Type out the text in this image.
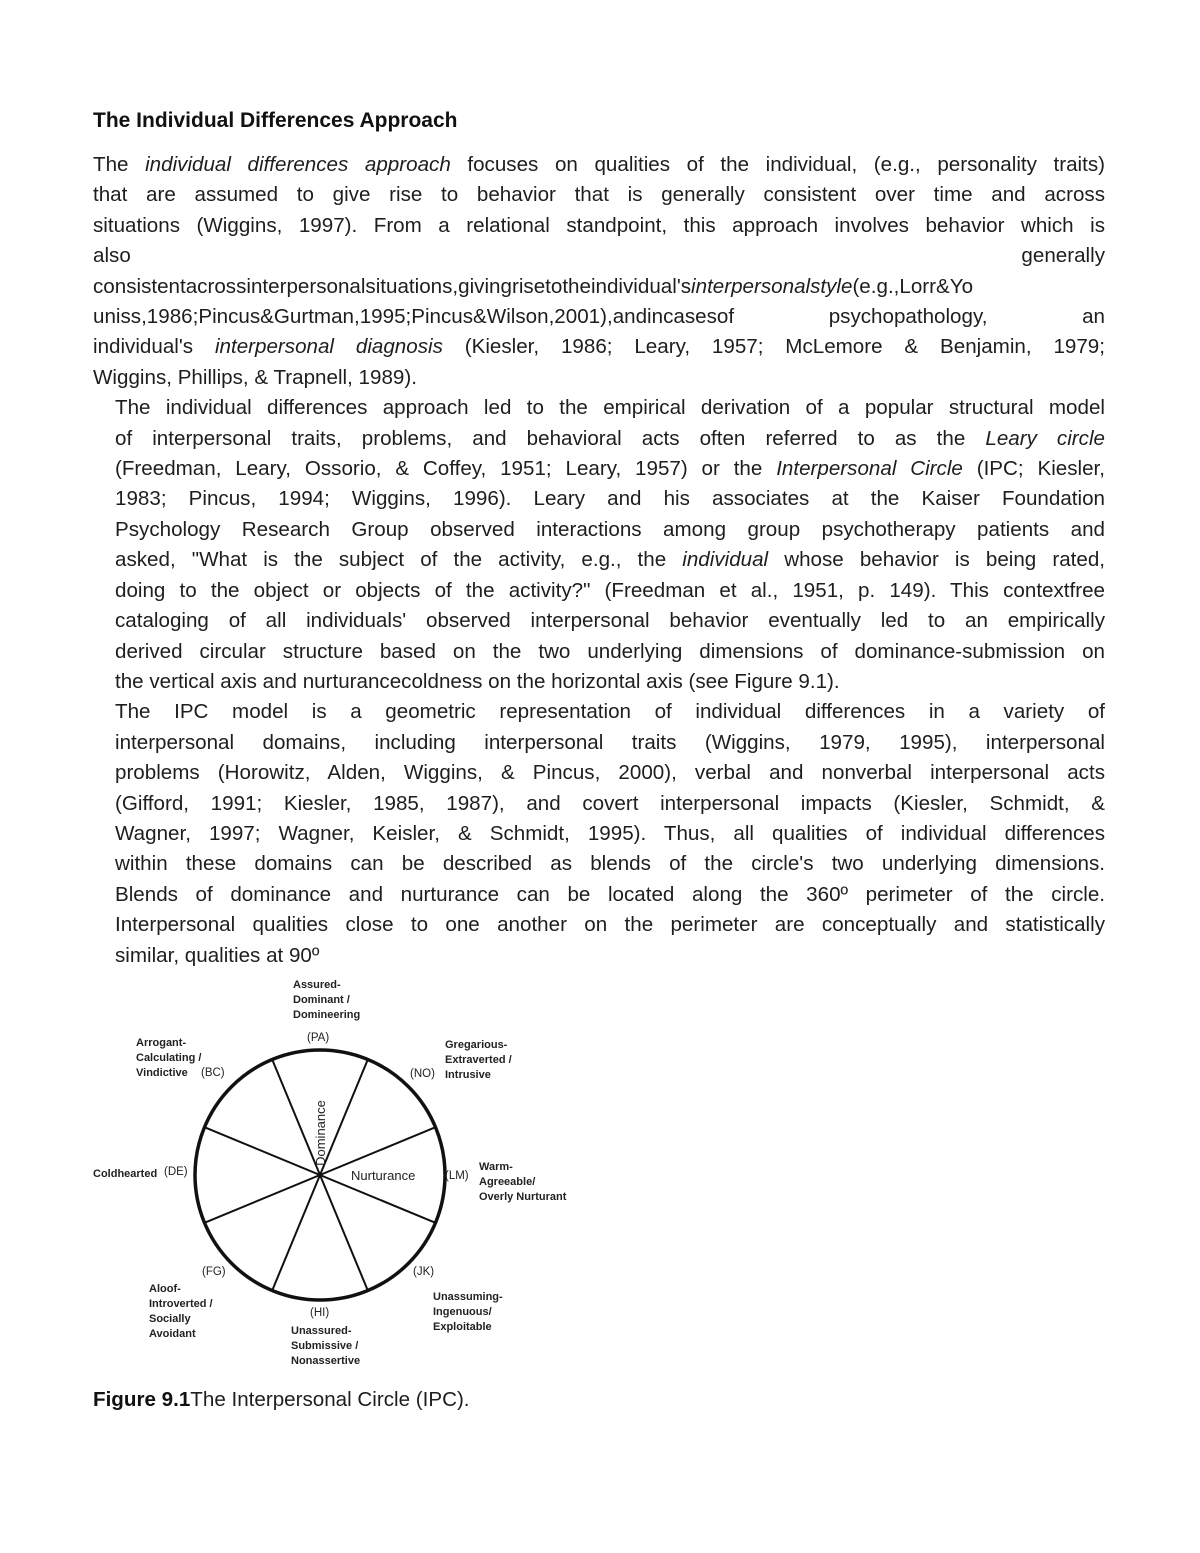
The Individual Differences Approach

The individual differences approach focuses on qualities of the individual, (e.g., personality traits)
that are assumed to give rise to behavior that is generally consistent over time and across
situations (Wiggins, 1997). From a relational standpoint, this approach involves behavior which is
also generally
consistentacrossinterpersonalsituations,givingrisetotheindividual'sinterpersonalstyle(e.g.,Lorr&Yo
uniss,1986;Pincus&Gurtman,1995;Pincus&Wilson,2001),andincasesof psychopathology, an
individual's interpersonal diagnosis (Kiesler, 1986; Leary, 1957; McLemore & Benjamin, 1979;
Wiggins, Phillips, & Trapnell, 1989).

The individual differences approach led to the empirical derivation of a popular structural model
of interpersonal traits, problems, and behavioral acts often referred to as the Leary circle
(Freedman, Leary, Ossorio, & Coffey, 1951; Leary, 1957) or the Interpersonal Circle (IPC; Kiesler,
1983; Pincus, 1994; Wiggins, 1996). Leary and his associates at the Kaiser Foundation
Psychology Research Group observed interactions among group psychotherapy patients and
asked, "What is the subject of the activity, e.g., the individual whose behavior is being rated,
doing to the object or objects of the activity?" (Freedman et al., 1951, p. 149). This contextfree
cataloging of all individuals' observed interpersonal behavior eventually led to an empirically
derived circular structure based on the two underlying dimensions of dominance-submission on
the vertical axis and nurturancecoldness on the horizontal axis (see Figure 9.1).

The IPC model is a geometric representation of individual differences in a variety of
interpersonal domains, including interpersonal traits (Wiggins, 1979, 1995), interpersonal
problems (Horowitz, Alden, Wiggins, & Pincus, 2000), verbal and nonverbal interpersonal acts
(Gifford, 1991; Kiesler, 1985, 1987), and covert interpersonal impacts (Kiesler, Schmidt, &
Wagner, 1997; Wagner, Keisler, & Schmidt, 1995). Thus, all qualities of individual differences
within these domains can be described as blends of the circle's two underlying dimensions.
Blends of dominance and nurturance can be located along the 360º perimeter of the circle.
Interpersonal qualities close to one another on the perimeter are conceptually and statistically
similar, qualities at 90º

Dominance
Nurturance
Assured-
Dominant /
Domineering
(PA)
Gregarious-
Extraverted /
Intrusive
(NO)
(LM)
Warm-
Agreeable/
Overly Nurturant
(JK)
Unassuming-
Ingenuous/
Exploitable
(HI)
Unassured-
Submissive /
Nonassertive
(FG)
Aloof-
Introverted /
Socially
Avoidant
Coldhearted (DE)
Arrogant-
Calculating /
Vindictive	(BC)
Figure 9.1The Interpersonal Circle (IPC).
